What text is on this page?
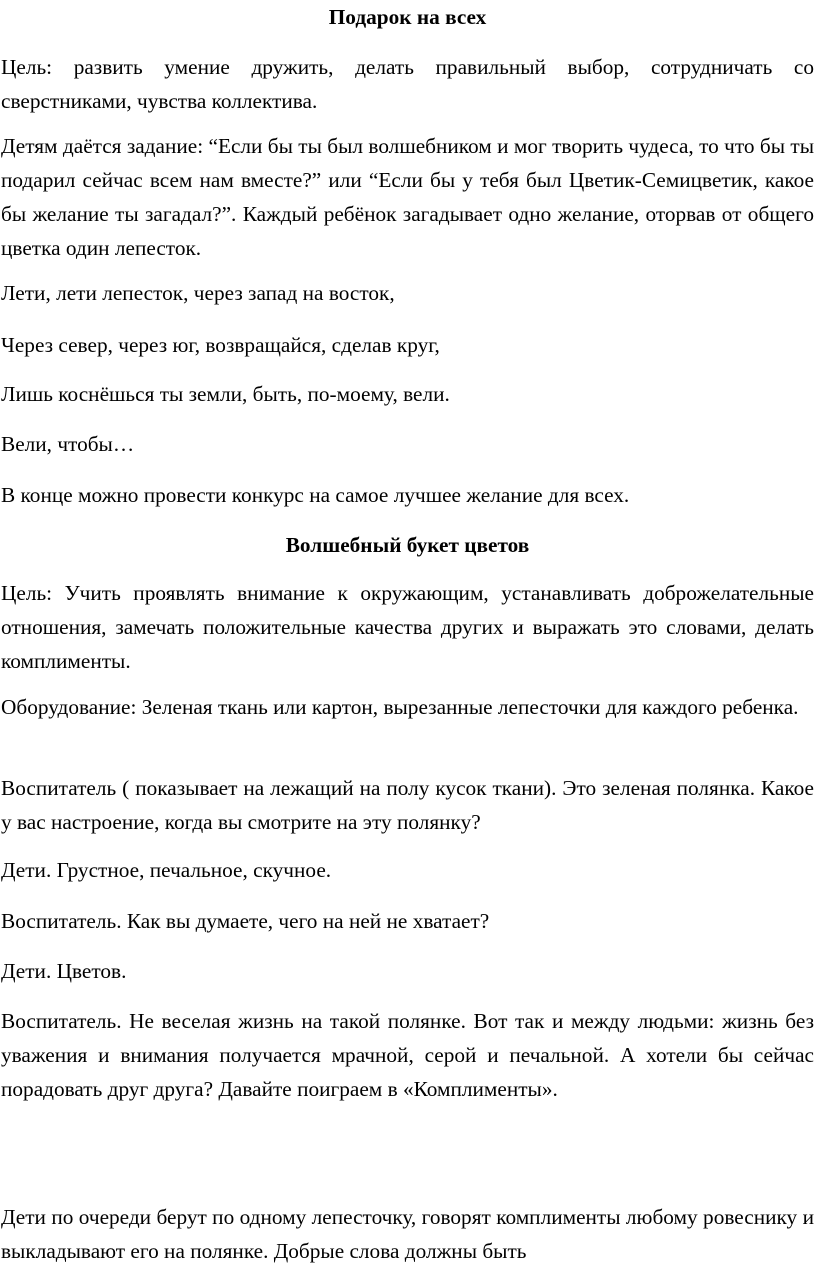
Подарок на всех

Цель: развить умение дружить, делать правильный выбор, сотрудничать со сверстниками, чувства коллектива.

Детям даётся задание: “Если бы ты был волшебником и мог творить чудеса, то что бы ты подарил сейчас всем нам вместе?” или “Если бы у тебя был Цветик-Семицветик, какое бы желание ты загадал?”. Каждый ребёнок загадывает одно желание, оторвав от общего цветка один лепесток.

Лети, лети лепесток, через запад на восток,

Через север, через юг, возвращайся, сделав круг,

Лишь коснёшься ты земли, быть, по-моему, вели.

Вели, чтобы…

В конце можно провести конкурс на самое лучшее желание для всех.

Волшебный букет цветов

Цель: Учить проявлять внимание к окружающим, устанавливать доброжелательные отношения, замечать положительные качества других и выражать это словами, делать комплименты.

Оборудование: Зеленая ткань или картон, вырезанные лепесточки для каждого ребенка.

Воспитатель ( показывает на лежащий на полу кусок ткани). Это зеленая полянка. Какое у вас настроение, когда вы смотрите на эту полянку?

Дети. Грустное, печальное, скучное.

Воспитатель. Как вы думаете, чего на ней не хватает?

Дети. Цветов.

Воспитатель. Не веселая жизнь на такой полянке. Вот так и между людьми: жизнь без уважения и внимания получается мрачной, серой и печальной. А хотели бы сейчас порадовать друг друга? Давайте поиграем в «Комплименты».

Дети по очереди берут по одному лепесточку, говорят комплименты любому ровеснику и выкладывают его на полянке. Добрые слова должны быть
